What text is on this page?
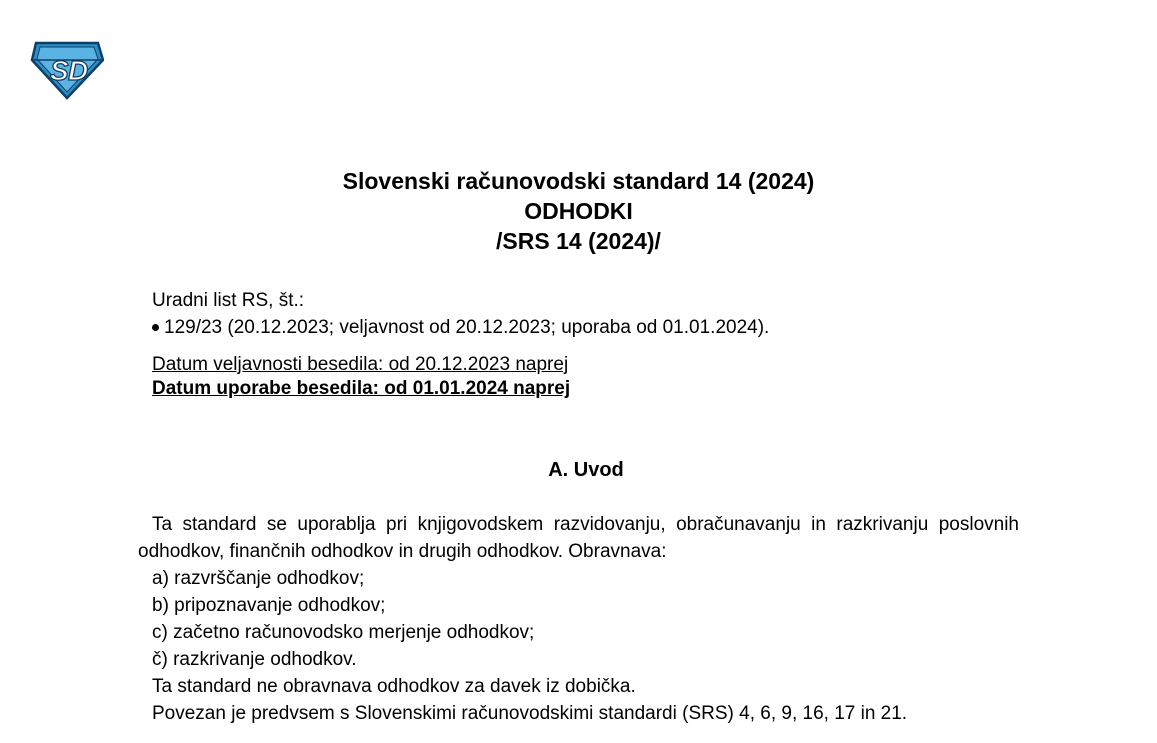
S D
Slovenski računovodski standard 14 (2024)
ODHODKI
/SRS 14 (2024)/
Uradni list RS, št.:
129/23 (20.12.2023; veljavnost od 20.12.2023; uporaba od 01.01.2024).
Datum veljavnosti besedila: od 20.12.2023 naprej
Datum uporabe besedila: od 01.01.2024 naprej
A. Uvod

Ta standard se uporablja pri knjigovodskem razvidovanju, obračunavanju in razkrivanju poslovnih odhodkov, finančnih odhodkov in drugih odhodkov. Obravnava:

a) razvrščanje odhodkov;

b) pripoznavanje odhodkov;

c) začetno računovodsko merjenje odhodkov;

č) razkrivanje odhodkov.

Ta standard ne obravnava odhodkov za davek iz dobička.

Povezan je predvsem s Slovenskimi računovodskimi standardi (SRS) 4, 6, 9, 16, 17 in 21.
